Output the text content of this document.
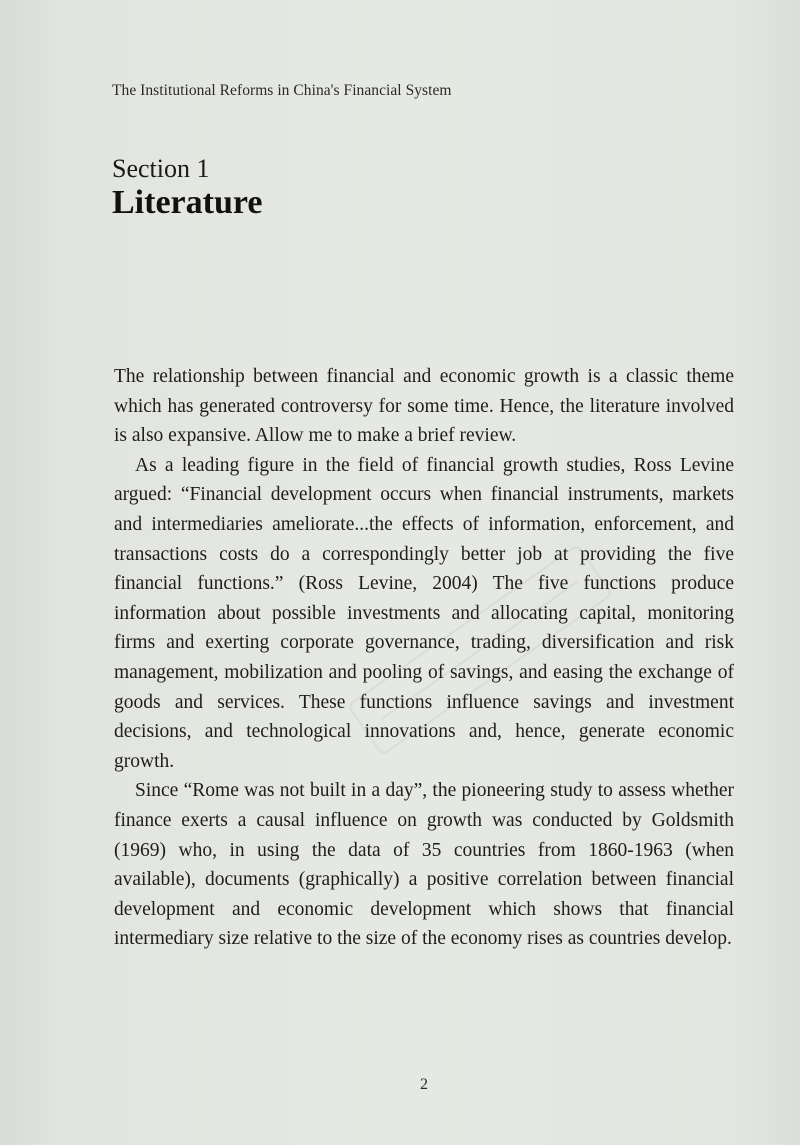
The Institutional Reforms in China's Financial System
Section 1
Literature

The relationship between financial and economic growth is a classic theme which has generated controversy for some time. Hence, the literature involved is also expansive. Allow me to make a brief review.

As a leading figure in the field of financial growth studies, Ross Levine argued: “Financial development occurs when financial instruments, markets and intermediaries ameliorate...the effects of information, enforcement, and transactions costs do a correspondingly better job at providing the five financial functions.” (Ross Levine, 2004) The five functions produce information about possible investments and allocating capital, monitoring firms and exerting corporate governance, trading, diversification and risk management, mobilization and pooling of savings, and easing the exchange of goods and services. These functions influence savings and investment decisions, and technological innovations and, hence, generate economic growth.

Since “Rome was not built in a day”, the pioneering study to assess whether finance exerts a causal influence on growth was conducted by Goldsmith (1969) who, in using the data of 35 countries from 1860-1963 (when available), documents (graphically) a positive correlation between financial development and economic development which shows that financial intermediary size relative to the size of the economy rises as countries develop.

2
